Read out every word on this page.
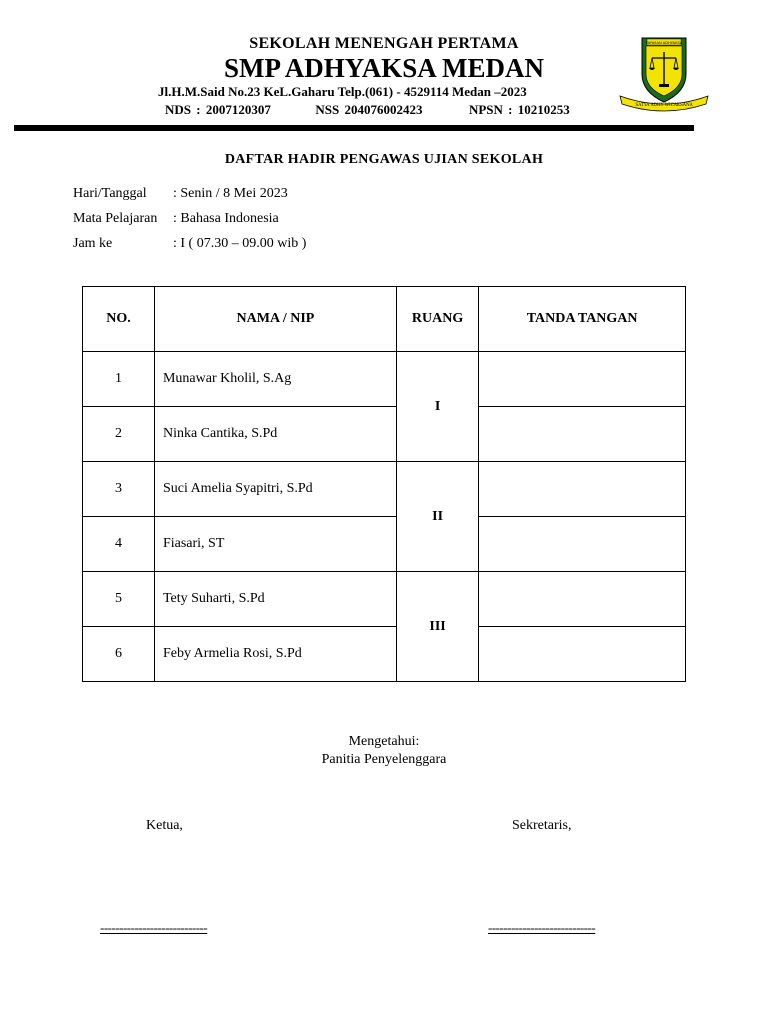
SEKOLAH MENENGAH PERTAMA
SMP ADHYAKSA MEDAN
Jl.H.M.Said No.23 KeL.Gaharu Telp.(061) - 4529114 Medan –2023
NDS : 2007120307	NSS 204076002423	NPSN : 10210253
YAYASAN ADHYAKSA
SATYA ADHY WICAKSANA
DAFTAR HADIR PENGAWAS UJIAN SEKOLAH
Hari/Tanggal : Senin / 8 Mei 2023
Mata Pelajaran : Bahasa Indonesia
Jam ke	: I ( 07.30 – 09.00 wib )
NO.	NAMA / NIP	RUANG	TANDA TANGAN
1	Munawar Kholil, S.Ag	I	
2	Ninka Cantika, S.Pd		
3	Suci Amelia Syapitri, S.Pd	II	
4	Fiasari, ST		
5	Tety Suharti, S.Pd	III	
6	Feby Armelia Rosi, S.Pd		
Mengetahui:
Panitia Penyelenggara
Ketua,	Sekretaris,
----------------------------	----------------------------
